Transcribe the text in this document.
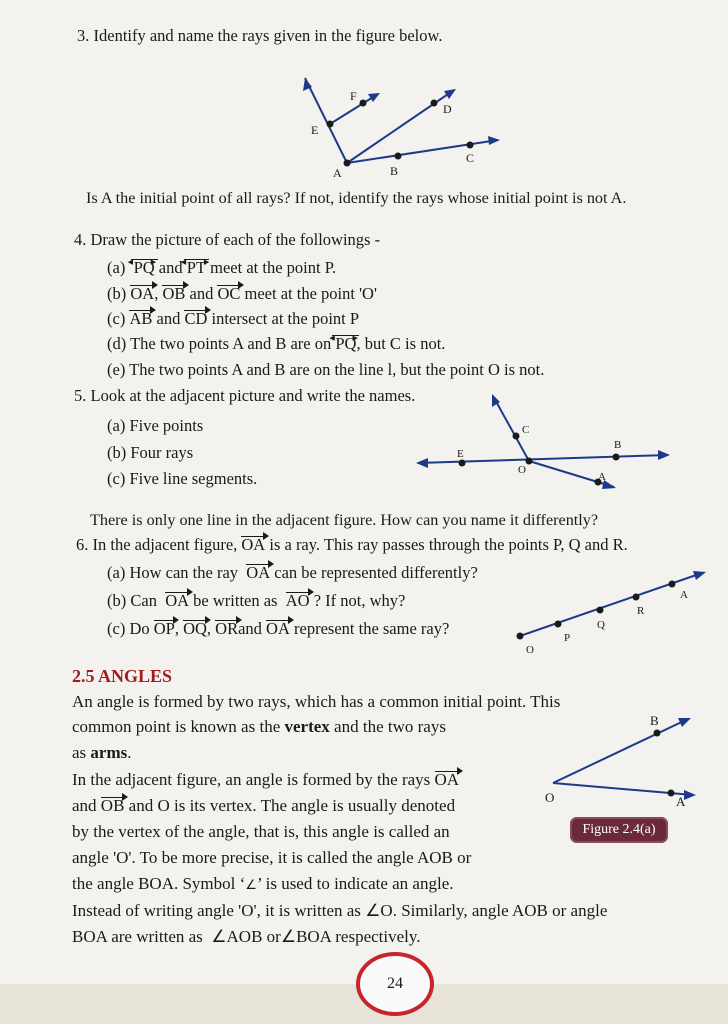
3. Identify and name the rays given in the figure below.
F
D
E
C
A	B
Is A the initial point of all rays? If not, identify the rays whose initial point is not A.
4. Draw the picture of each of the followings -
(a) PQ ◀ ▶ and PT ◀ ▶ meet at the point P.
(b) OA, OB and OC meet at the point 'O'
(c) AB and CD intersect at the point P
(d) The two points A and B are on PQ ◀ ▶, but C is not.
(e) The two points A and B are on the line l, but the point O is not.
5. Look at the adjacent picture and write the names.
(a) Five points
(b) Four rays
(c) Five line segments.
C
B
E
O
A
There is only one line in the adjacent figure. How can you name it differently?
6. In the adjacent figure, OA is a ray. This ray passes through the points P, Q and R.
(a) How can the ray OA can be represented differently?
(b) Can OA be written as AO ? If not, why?
(c) Do OP, OQ, ORand OA represent the same ray?
O
P
Q
R
A
2.5 ANGLES
An angle is formed by two rays, which has a common initial point. This
common point is known as the vertex and the two rays
as arms.
In the adjacent figure, an angle is formed by the rays OA
and OB and O is its vertex. The angle is usually denoted
by the vertex of the angle, that is, this angle is called an
angle 'O'. To be more precise, it is called the angle AOB or
the angle BOA. Symbol ‘∠’ is used to indicate an angle.
Instead of writing angle 'O', it is written as ∠O. Similarly, angle AOB or angle
BOA are written as ∠AOB or∠BOA respectively.
B
O	A
Figure 2.4(a)
24
